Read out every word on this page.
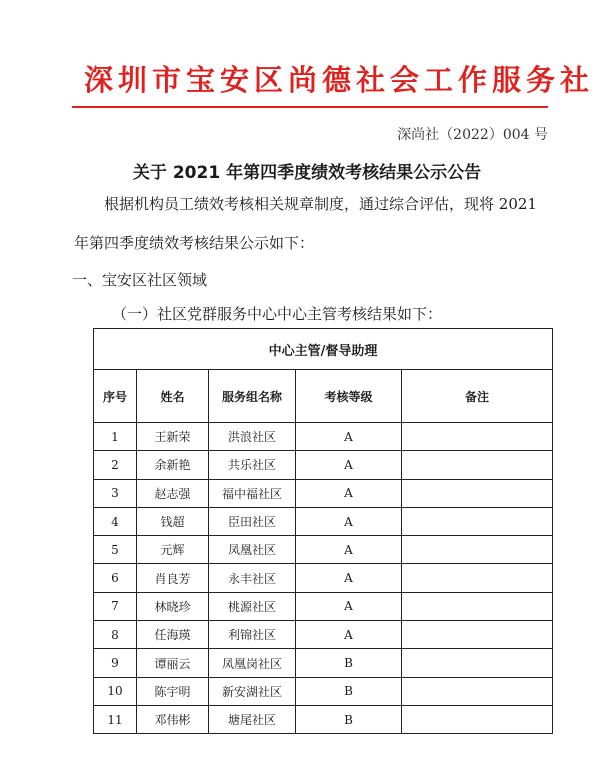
深圳市宝安区尚德社会工作服务社
深尚社（2022）004 号
关于 2021 年第四季度绩效考核结果公示公告
根据机构员工绩效考核相关规章制度，通过综合评估，现将 2021
年第四季度绩效考核结果公示如下：
一、宝安区社区领域
（一）社区党群服务中心中心主管考核结果如下：
中心主管/督导助理				
序号	姓名	服务组名称	考核等级	备注
1	王新荣	洪浪社区	A	
2	余新艳	共乐社区	A	
3	赵志强	福中福社区	A	
4	钱超	臣田社区	A	
5	元辉	凤凰社区	A	
6	肖良芳	永丰社区	A	
7	林晓珍	桃源社区	A	
8	任海瑛	利锦社区	A	
9	谭丽云	凤凰岗社区	B	
10	陈宇明	新安湖社区	B	
11	邓伟彬	塘尾社区	B	
